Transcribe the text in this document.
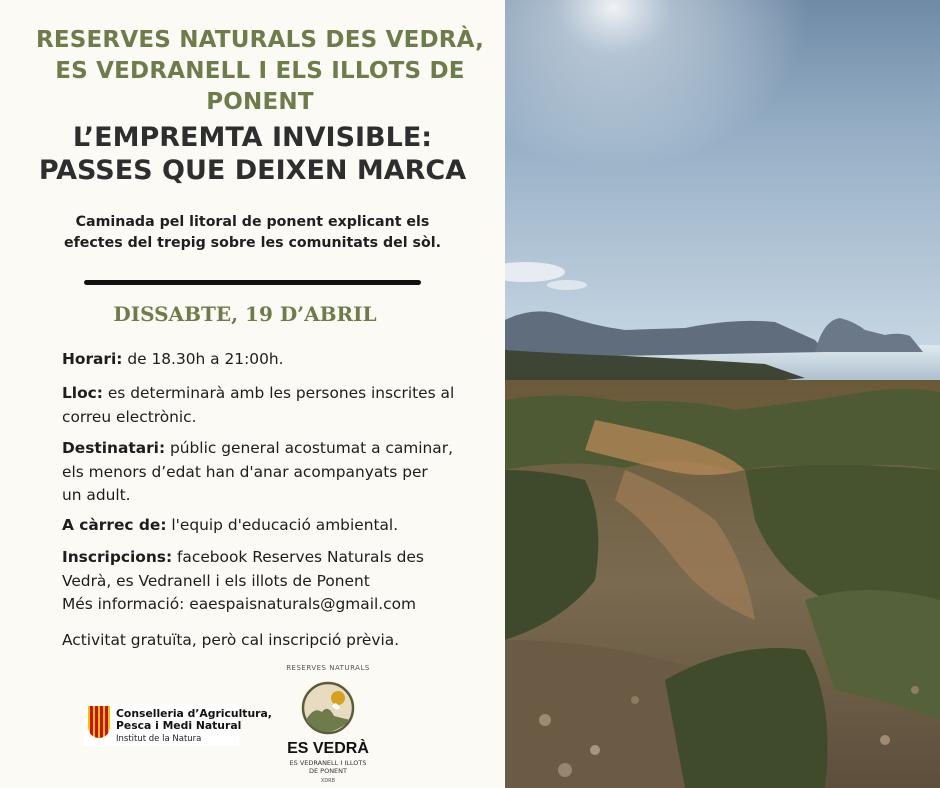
RESERVES NATURALS DES VEDRÀ,
ES VEDRANELL I ELS ILLOTS DE PONENT
L’EMPREMTA INVISIBLE:
PASSES QUE DEIXEN MARCA
Caminada pel litoral de ponent explicant els
efectes del trepig sobre les comunitats del sòl.
DISSABTE, 19 D’ABRIL
Horari: de 18.30h a 21:00h.
Lloc: es determinarà amb les persones inscrites al
correu electrònic.
Destinatari: públic general acostumat a caminar,
els menors d’edat han d'anar acompanyats per
un adult.
A càrrec de: l'equip d'educació ambiental.
Inscripcions: facebook Reserves Naturals des
Vedrà, es Vedranell i els illots de Ponent
Més informació: eaespaisnaturals@gmail.com
Activitat gratuïta, però cal inscripció prèvia.
Conselleria d’Agricultura,
Pesca i Medi Natural
Institut de la Natura
RESERVES NATURALS
ES VEDRÀ
ES VEDRANELL I ILLOTS
DE PONENT
XDRB
